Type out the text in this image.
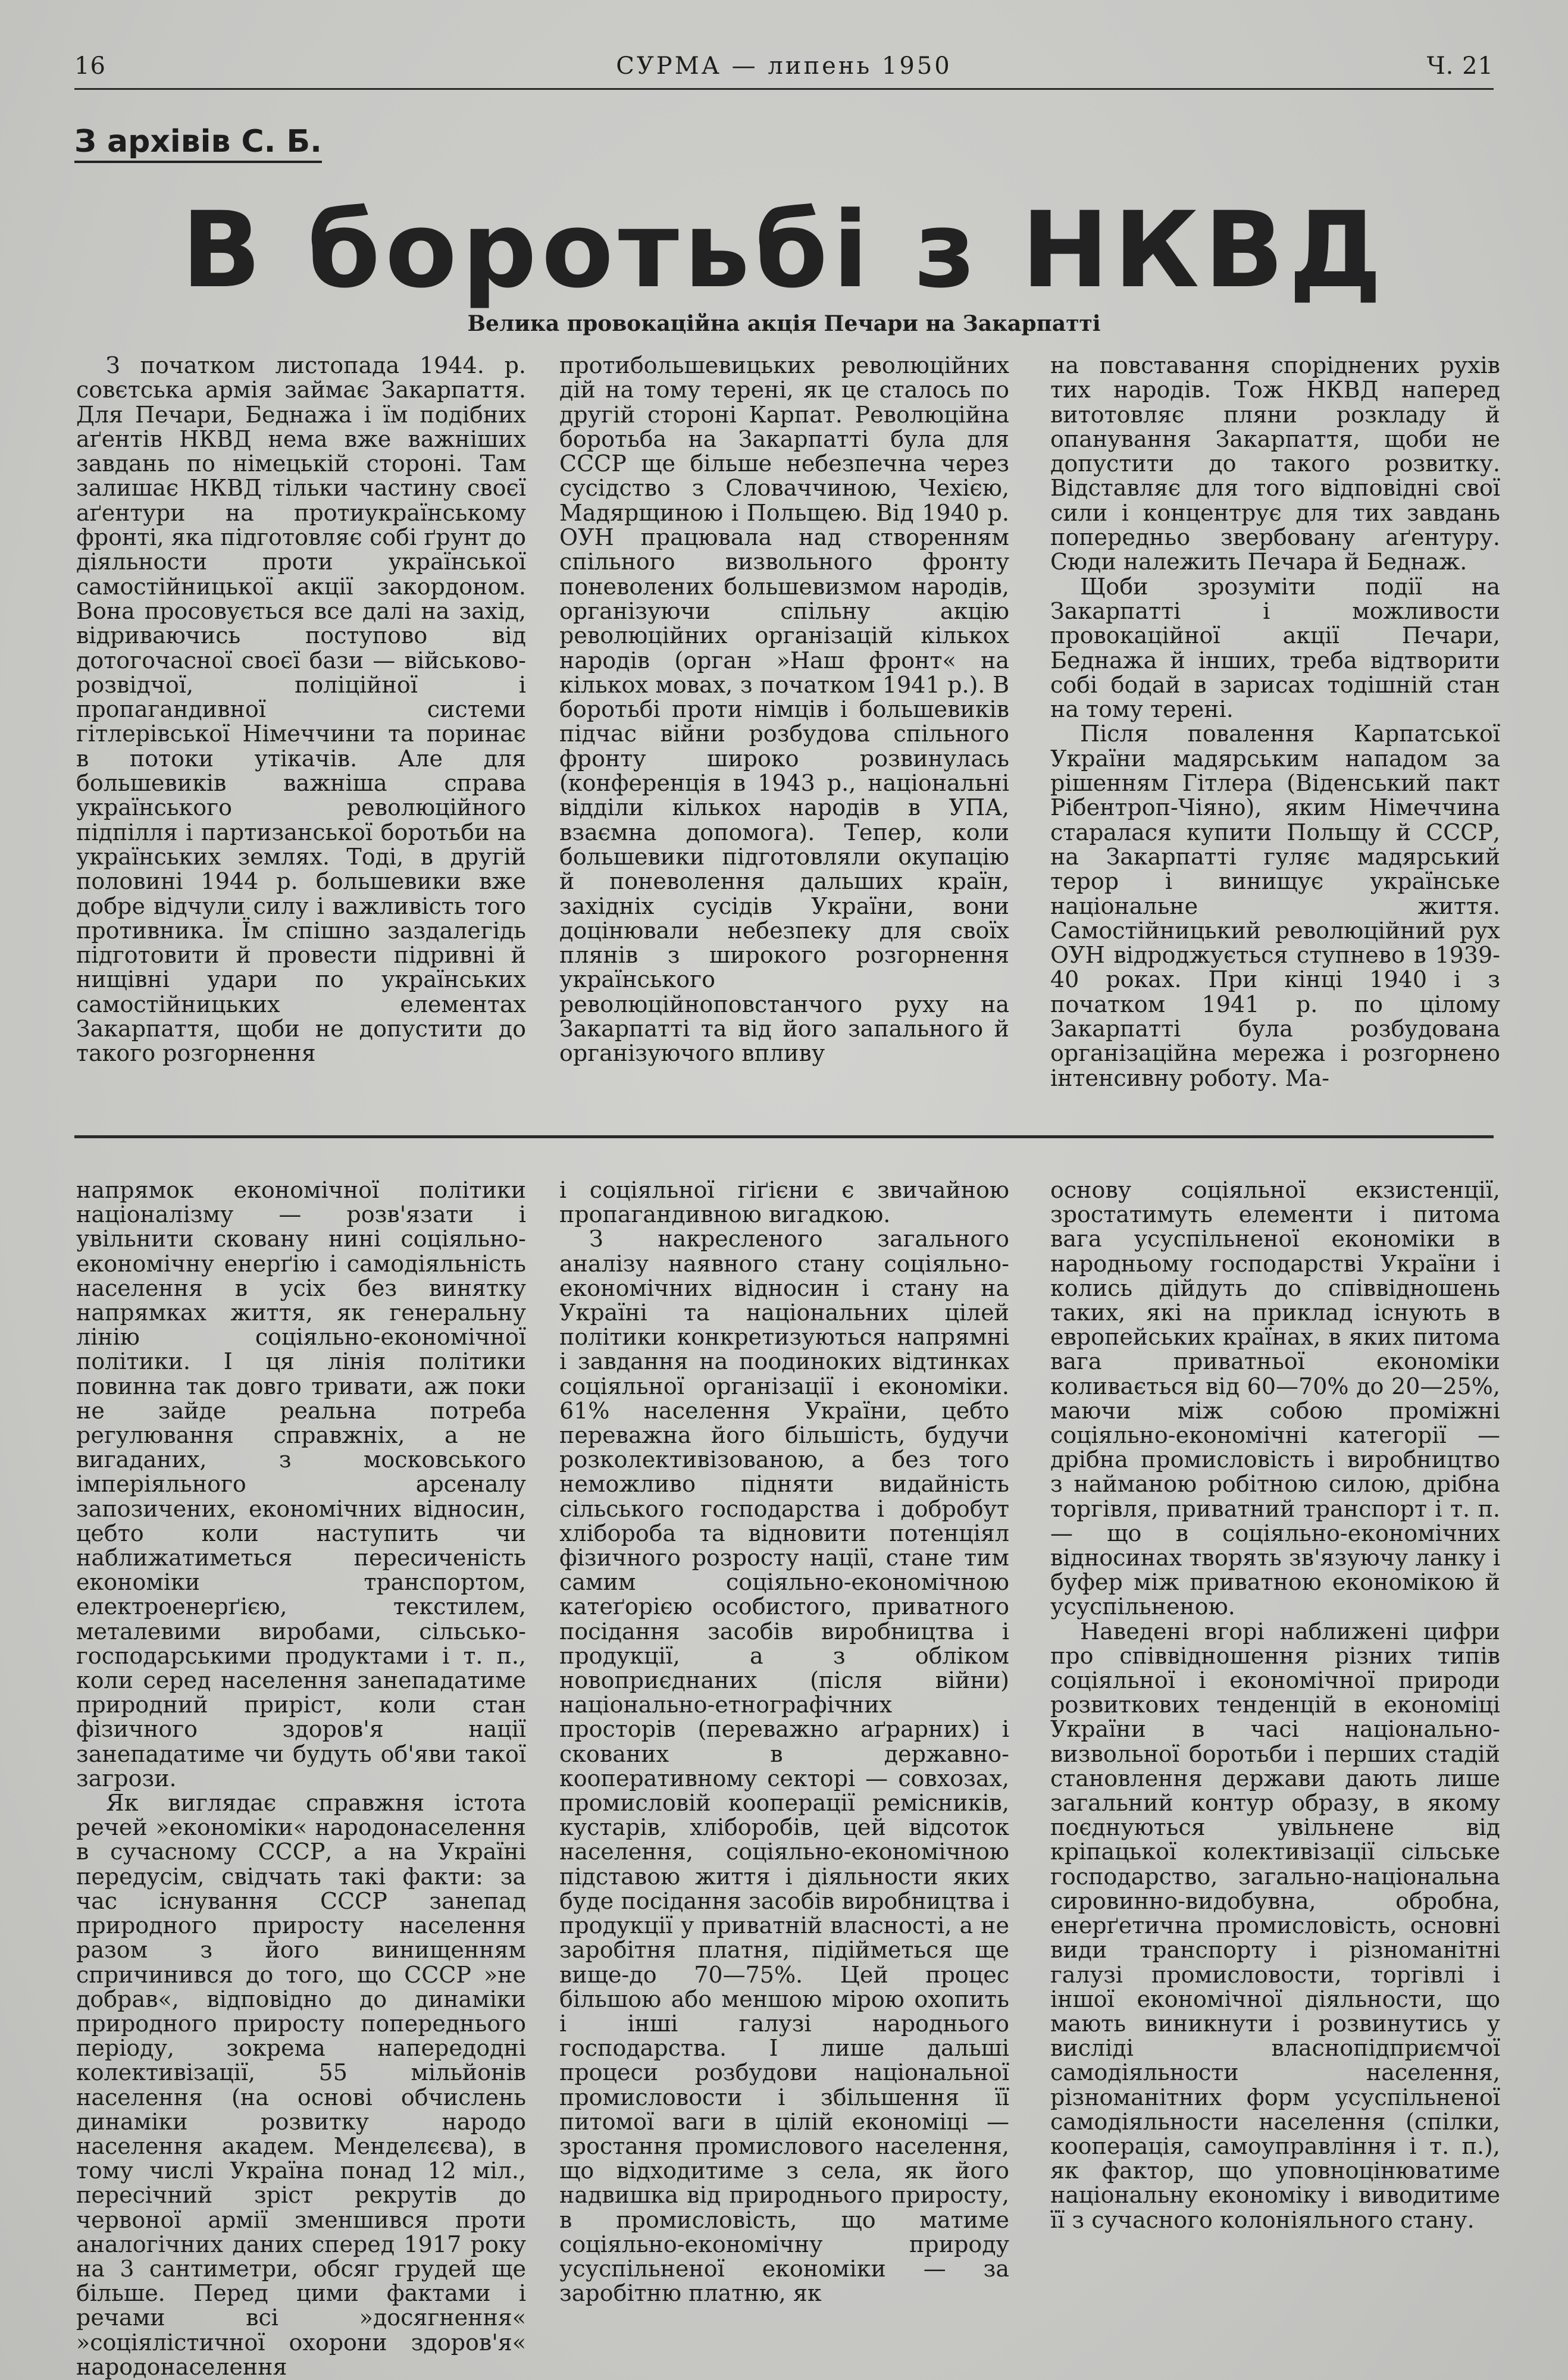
16	СУРМА — липень 1950	Ч. 21
З архівів С. Б.
В боротьбі з НКВД
Велика провокаційна акція Печари на Закарпатті

З початком листопада 1944. р. совєтська армія займає Закарпаття. Для Печари, Беднажа і їм подібних аґентів НКВД нема вже важніших завдань по німецькій стороні. Там залишає НКВД тільки частину своєї аґентури на протиукраїнському фронті, яка підготовляє собі ґрунт до діяльности проти української самостійницької акції закордоном. Вона просовується все далі на захід, відриваючись поступово від дотогочасної своєї бази — військово-розвідчої, поліційної і пропагандивної системи гітлерівської Німеччини та поринає в потоки утікачів. Але для большевиків важніша справа українського революційного підпілля і партизанської боротьби на українських землях. Тоді, в другій половині 1944 р. большевики вже добре відчули силу і важливість того противника. Їм спішно заздалегідь підготовити й провести підривні й нищівні удари по українських самостійницьких елементах Закарпаття, щоби не допустити до такого розгорнення

протибольшевицьких революційних дій на тому терені, як це сталось по другій стороні Карпат. Революційна боротьба на Закарпатті була для СССР ще більше небезпечна через сусідство з Словаччиною, Чехією, Мадярщиною і Польщею. Від 1940 р. ОУН працювала над створенням спільного визвольного фронту поневолених большевизмом народів, організуючи спільну акцію революційних організацій кількох народів (орган »Наш фронт« на кількох мовах, з початком 1941 р.). В боротьбі проти німців і большевиків підчас війни розбудова спільного фронту широко розвинулась (конференція в 1943 р., національні відділи кількох народів в УПА, взаємна допомога). Тепер, коли большевики підготовляли окупацію й поневолення дальших країн, західніх сусідів України, вони доцінювали небезпеку для своїх плянів з широкого розгорнення українського революційноповстанчого руху на Закарпатті та від його запального й організуючого впливу

на повставання споріднених рухів тих народів. Тож НКВД наперед витотовляє пляни розкладу й опанування Закарпаття, щоби не допустити до такого розвитку. Відставляє для того відповідні свої сили і концентрує для тих завдань попередньо звербовану аґентуру. Сюди належить Печара й Беднаж.

Щоби зрозуміти події на Закарпатті і можливости провокаційної акції Печари, Беднажа й інших, треба відтворити собі бодай в зарисах тодішній стан на тому терені.

Після повалення Карпатської України мадярським нападом за рішенням Гітлера (Віденський пакт Рібентроп-Чіяно), яким Німеччина старалася купити Польщу й СССР, на Закарпатті гуляє мадярський терор і винищує українське національне життя. Самостійницький революційний рух ОУН відроджується ступнево в 1939-40 роках. При кінці 1940 і з початком 1941 р. по цілому Закарпатті була розбудована організаційна мережа і розгорнено інтенсивну роботу. Ма-

напрямок економічної політики націоналізму — розв'язати і увільнити сковану нині соціяльно-економічну енерґію і самодіяльність населення в усіх без винятку напрямках життя, як генеральну лінію соціяльно-економічної політики. І ця лінія політики повинна так довго тривати, аж поки не зайде реальна потреба регулювання справжніх, а не вигаданих, з московського імперіяльного арсеналу запозичених, економічних відносин, цебто коли наступить чи наближатиметься пересиченість економіки транспортом, електроенерґією, текстилем, металевими виробами, сільсько-господарськими продуктами і т. п., коли серед населення занепадатиме природний приріст, коли стан фізичного здоров'я нації занепадатиме чи будуть об'яви такої загрози.

Як виглядає справжня істота речей »економіки« народонаселення в сучасному СССР, а на Україні передусім, свідчать такі факти: за час існування СССР занепад природного приросту населення разом з його винищенням спричинився до того, що СССР »не добрав«, відповідно до динаміки природного приросту попереднього періоду, зокрема напередодні колективізації, 55 мільйонів населення (на основі обчислень динаміки розвитку народо населення академ. Менделєєва), в тому числі Україна понад 12 міл., пересічний зріст рекрутів до червоної армії зменшився проти аналогічних даних сперед 1917 року на 3 сантиметри, обсяг грудей ще більше. Перед цими фактами і речами всі »досягнення« »соціялістичної охорони здоров'я« народонаселення

і соціяльної гіґієни є звичайною пропагандивною вигадкою.

З накресленого загального аналізу наявного стану соціяльно-економічних відносин і стану на Україні та національних цілей політики конкретизуються напрямні і завдання на поодиноких відтинках соціяльної організації і економіки. 61% населення України, цебто переважна його більшість, будучи розколективізованою, а без того неможливо підняти видайність сільського господарства і добробут хлібороба та відновити потенціял фізичного розросту нації, стане тим самим соціяльно-економічною катеґорією особистого, приватного посідання засобів виробництва і продукції, а з обліком новоприєднаних (після війни) національно-етнографічних просторів (переважно аґрарних) і скованих в державно-кооперативному секторі — совхозах, промисловій кооперації ремісників, кустарів, хліборобів, цей відсоток населення, соціяльно-економічною підставою життя і діяльности яких буде посідання засобів виробництва і продукції у приватній власності, а не заробітня платня, підійметься ще вище-до 70—75%. Цей процес більшою або меншою мірою охопить і інші галузі народнього господарства. І лише дальші процеси розбудови національної промисловости і збільшення її питомої ваги в цілій економіці — зростання промислового населення, що відходитиме з села, як його надвишка від природнього приросту, в промисловість, що матиме соціяльно-економічну природу усуспільненої економіки — за заробітню платню, як

основу соціяльної екзистенції, зростатимуть елементи і питома вага усуспільненої економіки в народньому господарстві України і колись дійдуть до співвідношень таких, які на приклад існують в европейських країнах, в яких питома вага приватньої економіки коливається від 60—70% до 20—25%, маючи між собою проміжні соціяльно-економічні категорії — дрібна промисловість і виробництво з найманою робітною силою, дрібна торгівля, приватний транспорт і т. п. — що в соціяльно-економічних відносинах творять зв'язуючу ланку і буфер між приватною економікою й усуспільненою.

Наведені вгорі наближені цифри про співвідношення різних типів соціяльної і економічної природи розвиткових тенденцій в економіці України в часі національно-визвольної боротьби і перших стадій становлення держави дають лише загальний контур образу, в якому поєднуються увільнене від кріпацької колективізації сільське господарство, загально-національна сировинно-видобувна, обробна, енерґетична промисловість, основні види транспорту і різноманітні галузі промисловости, торгівлі і іншої економічної діяльности, що мають виникнути і розвинутись у висліді власнопідприємчої самодіяльности населення, різноманітних форм усуспільненої самодіяльности населення (спілки, кооперація, самоуправління і т. п.), як фактор, що уповноцінюватиме національну економіку і виводитиме її з сучасного колоніяльного стану.
